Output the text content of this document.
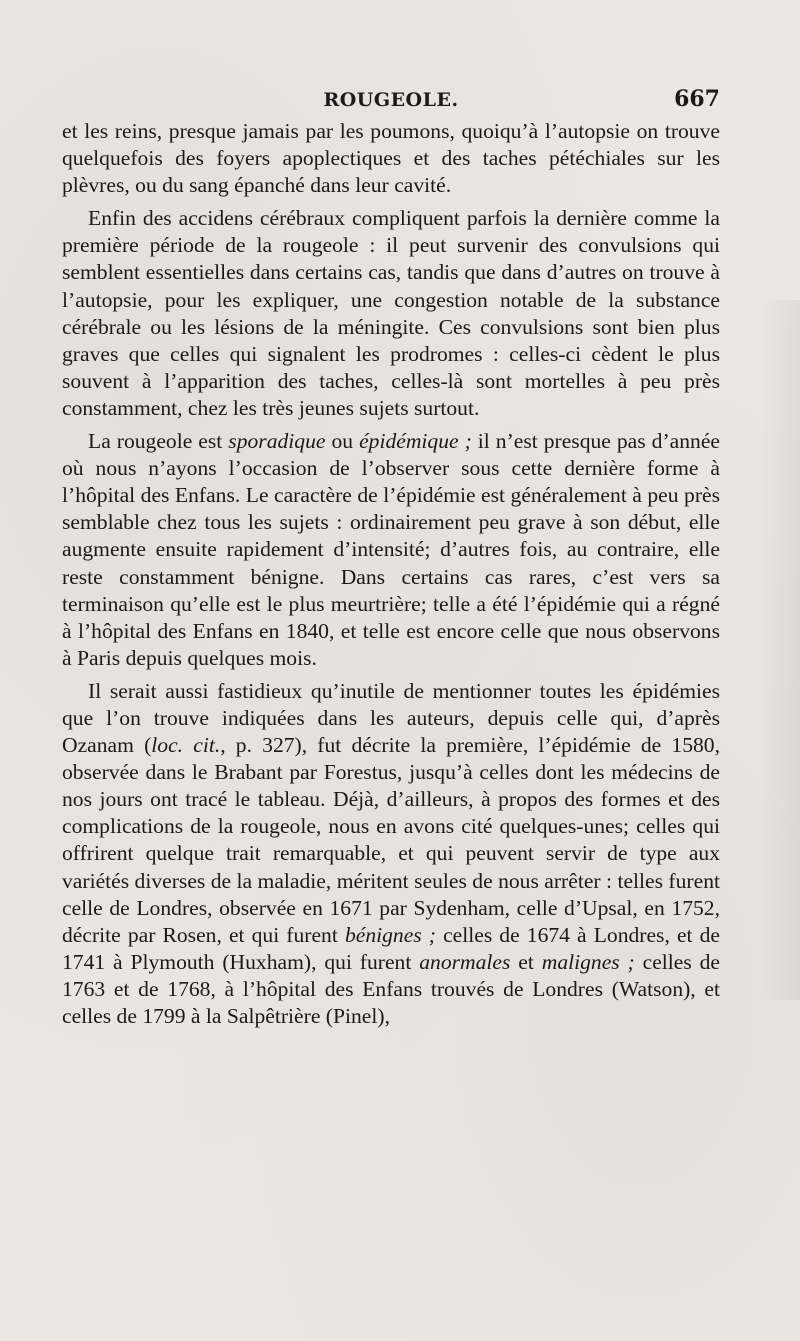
ROUGEOLE.	667

et les reins, presque jamais par les poumons, quoiqu’à l’autopsie on trouve quelquefois des foyers apoplectiques et des taches pétéchiales sur les plèvres, ou du sang épanché dans leur cavité.

Enfin des accidens cérébraux compliquent parfois la dernière comme la première période de la rougeole : il peut survenir des convulsions qui semblent essentielles dans certains cas, tandis que dans d’autres on trouve à l’autopsie, pour les expliquer, une congestion notable de la substance cérébrale ou les lésions de la méningite. Ces convulsions sont bien plus graves que celles qui signalent les prodromes : celles-ci cèdent le plus souvent à l’apparition des taches, celles-là sont mortelles à peu près constamment, chez les très jeunes sujets surtout.

La rougeole est sporadique ou épidémique ; il n’est presque pas d’année où nous n’ayons l’occasion de l’observer sous cette dernière forme à l’hôpital des Enfans. Le caractère de l’épidémie est généralement à peu près semblable chez tous les sujets : ordinairement peu grave à son début, elle augmente ensuite rapidement d’intensité; d’autres fois, au contraire, elle reste constamment bénigne. Dans certains cas rares, c’est vers sa terminaison qu’elle est le plus meurtrière; telle a été l’épidémie qui a régné à l’hôpital des Enfans en 1840, et telle est encore celle que nous observons à Paris depuis quelques mois.

Il serait aussi fastidieux qu’inutile de mentionner toutes les épidémies que l’on trouve indiquées dans les auteurs, depuis celle qui, d’après Ozanam (loc. cit., p. 327), fut décrite la première, l’épidémie de 1580, observée dans le Brabant par Forestus, jusqu’à celles dont les médecins de nos jours ont tracé le tableau. Déjà, d’ailleurs, à propos des formes et des complications de la rougeole, nous en avons cité quelques-unes; celles qui offrirent quelque trait remarquable, et qui peuvent servir de type aux variétés diverses de la maladie, méritent seules de nous arrêter : telles furent celle de Londres, observée en 1671 par Sydenham, celle d’Upsal, en 1752, décrite par Rosen, et qui furent bénignes ; celles de 1674 à Londres, et de 1741 à Plymouth (Huxham), qui furent anormales et malignes ; celles de 1763 et de 1768, à l’hôpital des Enfans trouvés de Londres (Watson), et celles de 1799 à la Salpêtrière (Pinel),
